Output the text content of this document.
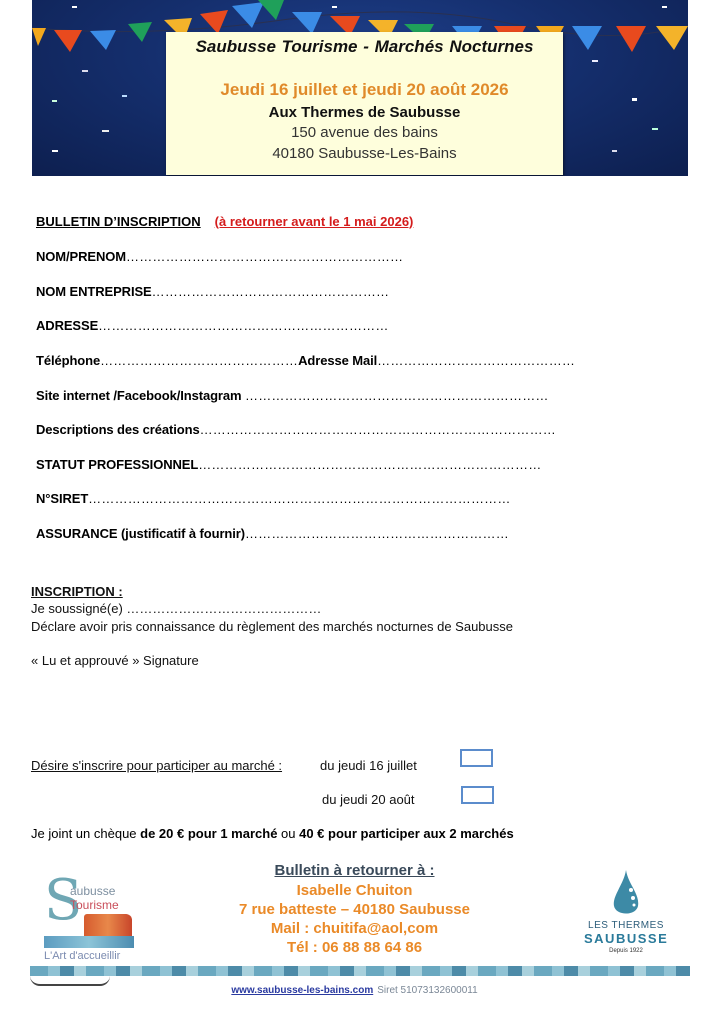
Saubusse Tourisme - Marchés Nocturnes
Jeudi 16 juillet et jeudi 20 août 2026
Aux Thermes de Saubusse
150 avenue des bains
40180 Saubusse-Les-Bains
BULLETIN D’INSCRIPTION (à retourner avant le 1 mai 2026)
NOM/PRENOM………………………………………………………
NOM ENTREPRISE………………………………………………
ADRESSE…………………………………………………………
Téléphone………………………………………Adresse Mail………………………………………
Site internet /Facebook/Instagram ……………………………………………………………
Descriptions des créations………………………………………………………………………
STATUT PROFESSIONNEL……………………………………………………………………
N°SIRET……………………………………………………………………………………
ASSURANCE (justificatif à fournir)……………………………………………………
INSCRIPTION :
Je soussigné(e) ………………………………………
Déclare avoir pris connaissance du règlement des marchés nocturnes de Saubusse
« Lu et approuvé » Signature
Désire s'inscrire pour participer au marché :	du jeudi 16 juillet
du jeudi 20 août
Je joint un chèque de 20 € pour 1 marché ou 40 € pour participer aux 2 marchés
Bulletin à retourner à :
Isabelle Chuiton
7 rue batteste – 40180 Saubusse
Mail : chuitifa@aol,com
Tél : 06 88 88 64 86
S
aubusse
Tourisme
L'Art d'accueillir
LES THERMES
SAUBUSSE
Depuis 1922
www.saubusse-les-bains.com Siret 51073132600011
